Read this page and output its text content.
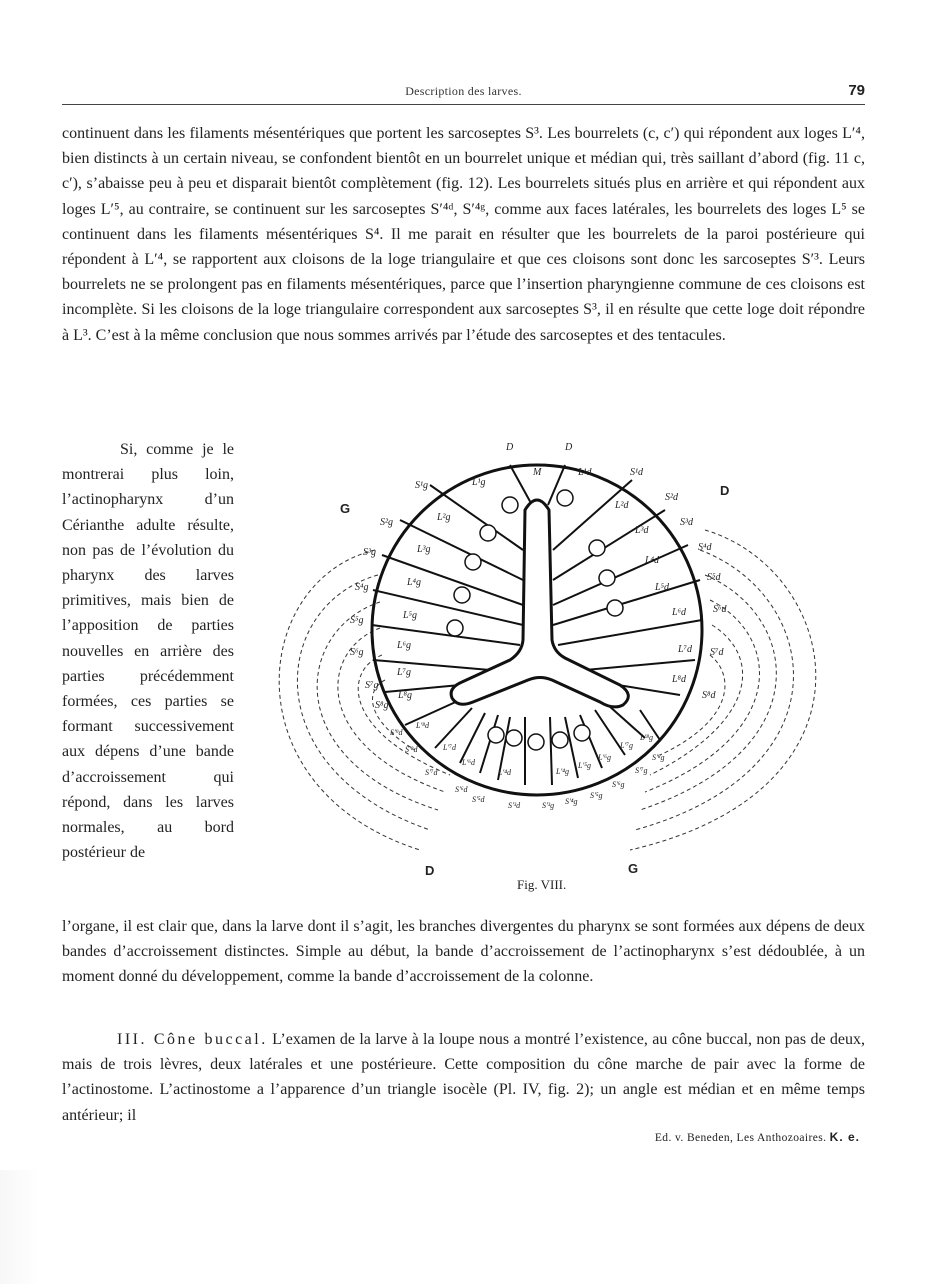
Description des larves.	79

continuent dans les filaments mésentériques que portent les sarcoseptes S³. Les bourrelets (c, c′) qui répondent aux loges L′⁴, bien distincts à un certain niveau, se confondent bientôt en un bourrelet unique et médian qui, très saillant d’abord (fig. 11 c, c′), s’abaisse peu à peu et disparait bientôt complètement (fig. 12). Les bourrelets situés plus en arrière et qui répondent aux loges L′⁵, au contraire, se continuent sur les sarcoseptes S′⁴ᵈ, S′⁴ᵍ, comme aux faces latérales, les bourrelets des loges L⁵ se continuent dans les filaments mésentériques S⁴. Il me parait en résulter que les bourrelets de la paroi postérieure qui répondent à L′⁴, se rapportent aux cloisons de la loge triangulaire et que ces cloisons sont donc les sarcoseptes S′³. Leurs bourrelets ne se prolongent pas en filaments mésentériques, parce que l’insertion pharyngienne commune de ces cloisons est incomplète. Si les cloisons de la loge triangulaire correspondent aux sarcoseptes S³, il en résulte que cette loge doit répondre à L³. C’est à la même conclusion que nous sommes arrivés par l’étude des sarcoseptes et des tentacules.

Si, comme je le montrerai plus loin, l’actinopharynx d’un Cérianthe adulte résulte, non pas de l’évolution du pharynx des larves primitives, mais bien de l’apposition de parties nouvelles en arrière des parties précédemment formées, ces parties se formant successivement aux dépens d’une bande d’accroissement qui répond, dans les larves normales, au bord postérieur de

D	D
M	L¹d	S¹d
S²d
S³d
S⁴d
S⁵d
S⁶d
S⁷d
S⁸d
L²d
L³d
L⁴d
L⁵d
L⁶d
L⁷d
L⁸d
S¹g
S²g
S³g
S⁴g
S⁵g
S⁶g
S⁷g
S⁸g
L¹g
L²g
L³g
L⁴g
L⁵g
L⁶g
L⁷g
L⁸g
L′⁸d
L′⁷d
L′⁶d
L′⁴d	L′⁴g
L′⁵g
L′⁶g
L′⁷g
L′⁸g
S′⁹d
S′⁸d
S′⁷d
S′⁶d
S′⁵d
S′³d	S′³g S′⁴g
S′⁵g
S′⁶g
S′⁷g
S′⁸g
G
D
D	G
Fig. VIII.

l’organe, il est clair que, dans la larve dont il s’agit, les branches divergentes du pharynx se sont formées aux dépens de deux bandes d’accroissement distinctes. Simple au début, la bande d’accroissement de l’actinopharynx s’est dédoublée, à un moment donné du développement, comme la bande d’accroissement de la colonne.

III. Cône buccal. L’examen de la larve à la loupe nous a montré l’existence, au cône buccal, non pas de deux, mais de trois lèvres, deux latérales et une postérieure. Cette composition du cône marche de pair avec la forme de l’actinostome. L’actinostome a l’apparence d’un triangle isocèle (Pl. IV, fig. 2); un angle est médian et en même temps antérieur; il

Ed. v. Beneden, Les Anthozoaires. K. e.
